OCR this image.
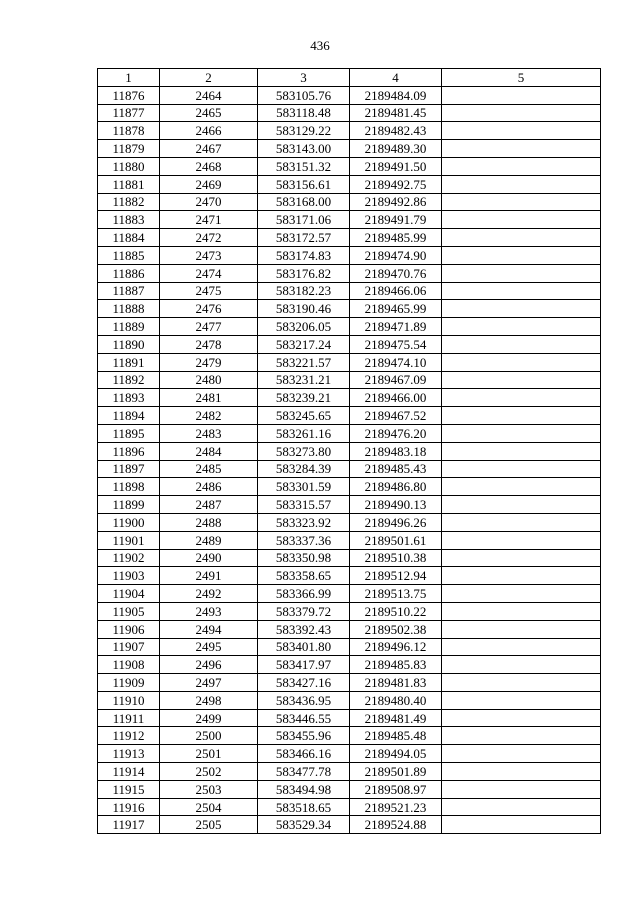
436
1	2	3	4	5
11876	2464	583105.76	2189484.09	
11877	2465	583118.48	2189481.45	
11878	2466	583129.22	2189482.43	
11879	2467	583143.00	2189489.30	
11880	2468	583151.32	2189491.50	
11881	2469	583156.61	2189492.75	
11882	2470	583168.00	2189492.86	
11883	2471	583171.06	2189491.79	
11884	2472	583172.57	2189485.99	
11885	2473	583174.83	2189474.90	
11886	2474	583176.82	2189470.76	
11887	2475	583182.23	2189466.06	
11888	2476	583190.46	2189465.99	
11889	2477	583206.05	2189471.89	
11890	2478	583217.24	2189475.54	
11891	2479	583221.57	2189474.10	
11892	2480	583231.21	2189467.09	
11893	2481	583239.21	2189466.00	
11894	2482	583245.65	2189467.52	
11895	2483	583261.16	2189476.20	
11896	2484	583273.80	2189483.18	
11897	2485	583284.39	2189485.43	
11898	2486	583301.59	2189486.80	
11899	2487	583315.57	2189490.13	
11900	2488	583323.92	2189496.26	
11901	2489	583337.36	2189501.61	
11902	2490	583350.98	2189510.38	
11903	2491	583358.65	2189512.94	
11904	2492	583366.99	2189513.75	
11905	2493	583379.72	2189510.22	
11906	2494	583392.43	2189502.38	
11907	2495	583401.80	2189496.12	
11908	2496	583417.97	2189485.83	
11909	2497	583427.16	2189481.83	
11910	2498	583436.95	2189480.40	
11911	2499	583446.55	2189481.49	
11912	2500	583455.96	2189485.48	
11913	2501	583466.16	2189494.05	
11914	2502	583477.78	2189501.89	
11915	2503	583494.98	2189508.97	
11916	2504	583518.65	2189521.23	
11917	2505	583529.34	2189524.88	
